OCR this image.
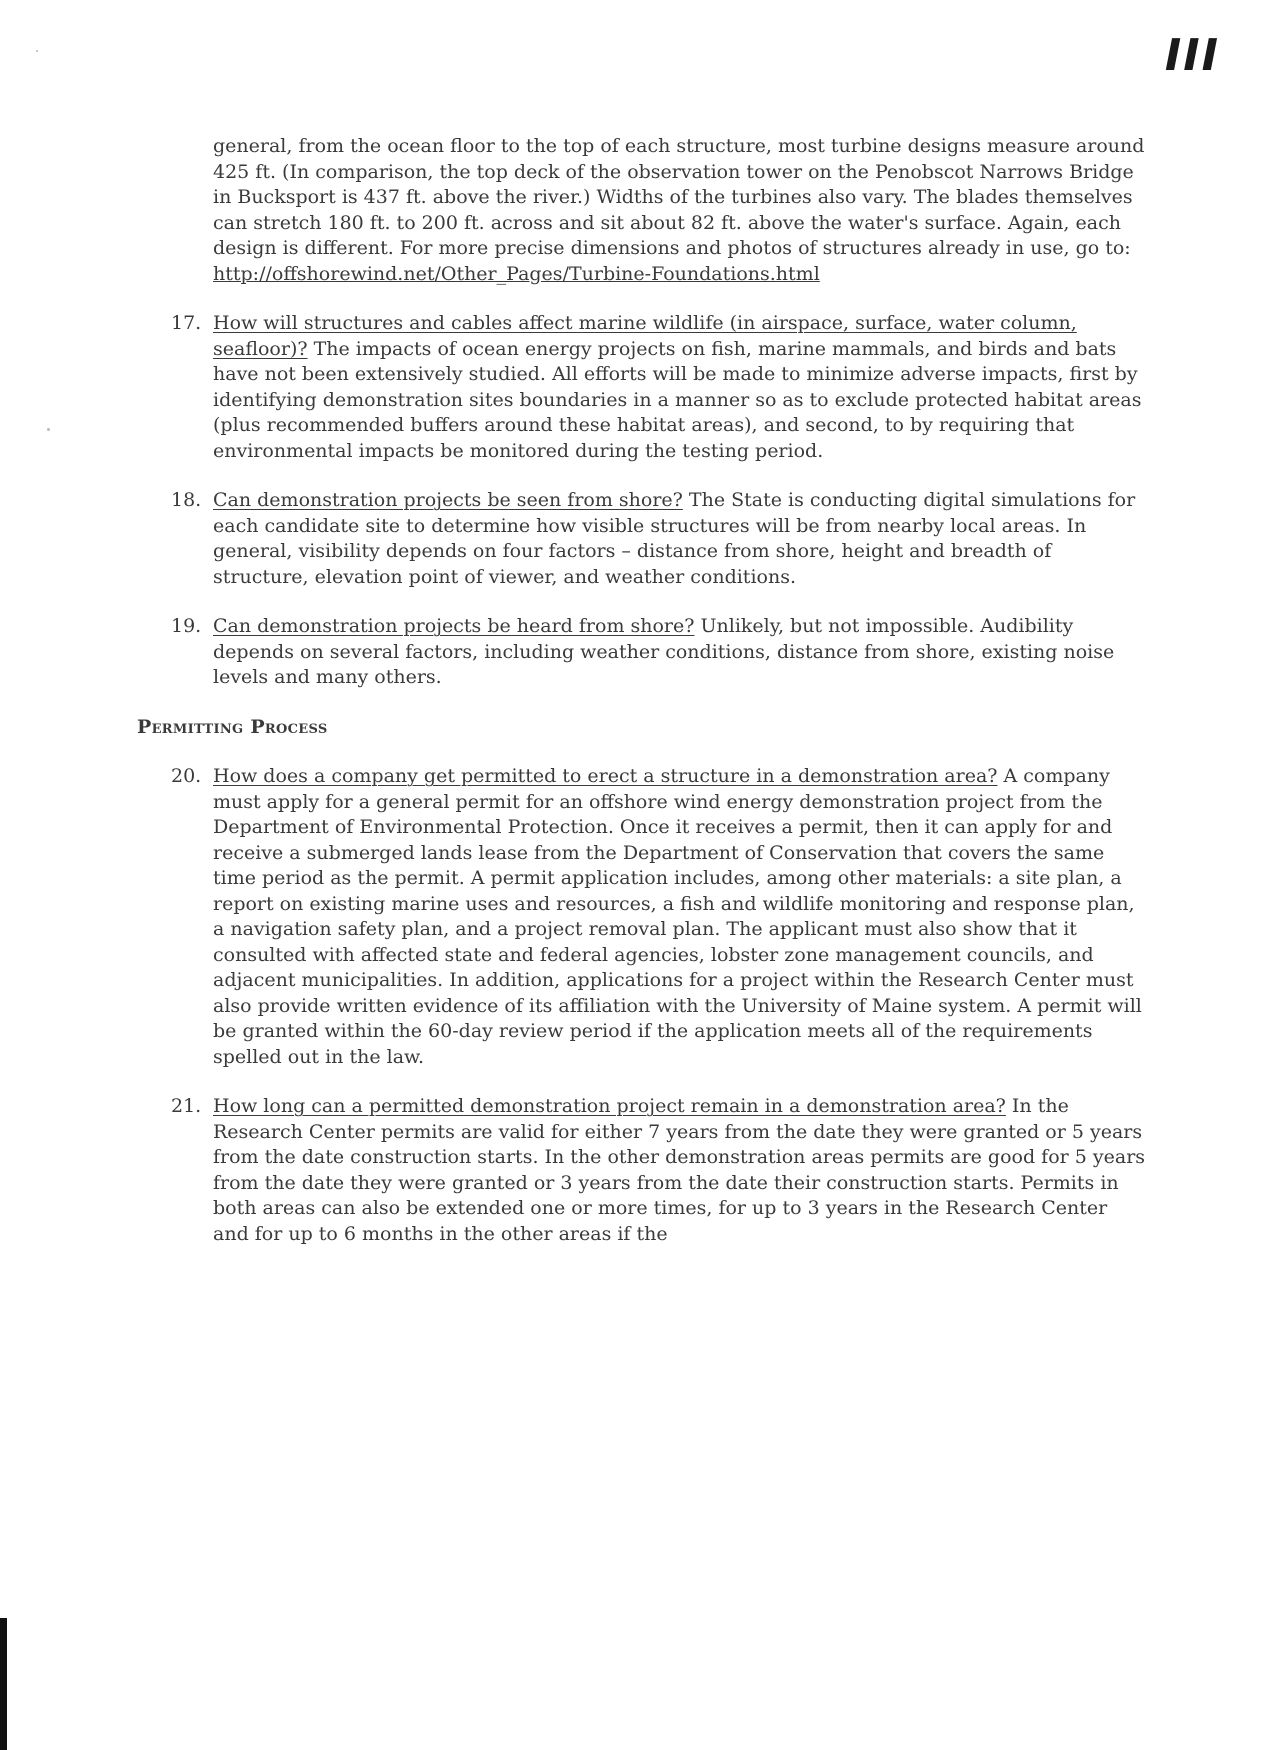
III

general, from the ocean floor to the top of each structure, most turbine designs measure around 425 ft. (In comparison, the top deck of the observation tower on the Penobscot Narrows Bridge in Bucksport is 437 ft. above the river.) Widths of the turbines also vary. The blades themselves can stretch 180 ft. to 200 ft. across and sit about 82 ft. above the water's surface. Again, each design is different. For more precise dimensions and photos of structures already in use, go to:
http://offshorewind.net/Other_Pages/Turbine-Foundations.html

17. How will structures and cables affect marine wildlife (in airspace, surface, water column, seafloor)? The impacts of ocean energy projects on fish, marine mammals, and birds and bats have not been extensively studied. All efforts will be made to minimize adverse impacts, first by identifying demonstration sites boundaries in a manner so as to exclude protected habitat areas (plus recommended buffers around these habitat areas), and second, to by requiring that environmental impacts be monitored during the testing period.
18. Can demonstration projects be seen from shore? The State is conducting digital simulations for each candidate site to determine how visible structures will be from nearby local areas. In general, visibility depends on four factors – distance from shore, height and breadth of structure, elevation point of viewer, and weather conditions.
19. Can demonstration projects be heard from shore? Unlikely, but not impossible. Audibility depends on several factors, including weather conditions, distance from shore, existing noise levels and many others.

Permitting Process

20. How does a company get permitted to erect a structure in a demonstration area? A company must apply for a general permit for an offshore wind energy demonstration project from the Department of Environmental Protection. Once it receives a permit, then it can apply for and receive a submerged lands lease from the Department of Conservation that covers the same time period as the permit. A permit application includes, among other materials: a site plan, a report on existing marine uses and resources, a fish and wildlife monitoring and response plan, a navigation safety plan, and a project removal plan. The applicant must also show that it consulted with affected state and federal agencies, lobster zone management councils, and adjacent municipalities. In addition, applications for a project within the Research Center must also provide written evidence of its affiliation with the University of Maine system. A permit will be granted within the 60-day review period if the application meets all of the requirements spelled out in the law.
21. How long can a permitted demonstration project remain in a demonstration area? In the Research Center permits are valid for either 7 years from the date they were granted or 5 years from the date construction starts. In the other demonstration areas permits are good for 5 years from the date they were granted or 3 years from the date their construction starts. Permits in both areas can also be extended one or more times, for up to 3 years in the Research Center and for up to 6 months in the other areas if the
